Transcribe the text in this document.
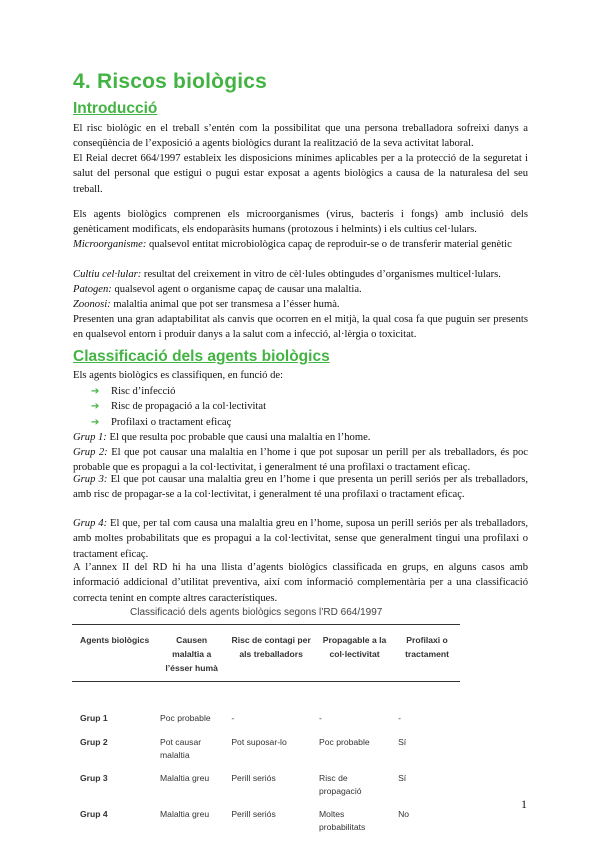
4. Riscos biològics
Introducció

El risc biològic en el treball s’entén com la possibilitat que una persona treballadora sofreixi danys a conseqüència de l’exposició a agents biològics durant la realització de la seva activitat laboral.

El Reial decret 664/1997 estableix les disposicions mínimes aplicables per a la protecció de la seguretat i salut del personal que estigui o pugui estar exposat a agents biològics a causa de la naturalesa del seu treball.

Els agents biològics comprenen els microorganismes (virus, bacteris i fongs) amb inclusió dels genèticament modificats, els endoparàsits humans (protozous i helmints) i els cultius cel·lulars.

Microorganisme: qualsevol entitat microbiològica capaç de reproduir-se o de transferir material genètic

Cultiu cel·lular: resultat del creixement in vitro de cèl·lules obtingudes d’organismes multicel·lulars.

Patogen: qualsevol agent o organisme capaç de causar una malaltia.

Zoonosi: malaltia animal que pot ser transmesa a l’ésser humà.

Presenten una gran adaptabilitat als canvis que ocorren en el mitjà, la qual cosa fa que puguin ser presents en qualsevol entorn i produir danys a la salut com a infecció, al·lèrgia o toxicitat.

Classificació dels agents biològics

Els agents biològics es classifiquen, en funció de:

➔	Risc d’infecció
➔	Risc de propagació a la col·lectivitat
➔	Profilaxi o tractament eficaç

Grup 1: El que resulta poc probable que causi una malaltia en l’home.

Grup 2: El que pot causar una malaltia en l’home i que pot suposar un perill per als treballadors, és poc probable que es propagui a la col·lectivitat, i generalment té una profilaxi o tractament eficaç.

Grup 3: El que pot causar una malaltia greu en l’home i que presenta un perill seriós per als treballadors, amb risc de propagar-se a la col·lectivitat, i generalment té una profilaxi o tractament eficaç.

Grup 4: El que, per tal com causa una malaltia greu en l’home, suposa un perill seriós per als treballadors, amb moltes probabilitats que es propagui a la col·lectivitat, sense que generalment tingui una profilaxi o tractament eficaç.

A l’annex II del RD hi ha una llista d’agents biològics classificada en grups, en alguns casos amb informació addicional d’utilitat preventiva, així com informació complementària per a una classificació correcta tenint en compte altres característiques.

Classificació dels agents biològics segons l’RD 664/1997

Agents biològics	Causen malaltia a l’ésser humà	Risc de contagi per als treballadors	Propagable a la col·lectivitat	Profilaxi o tractament
Grup 1	Poc probable	-	-	-
Grup 2	Pot causar malaltia	Pot suposar-lo	Poc probable	Sí
Grup 3	Malaltia greu	Perill seriós	Risc de propagació	Sí
Grup 4	Malaltia greu	Perill seriós	Moltes probabilitats	No

1
